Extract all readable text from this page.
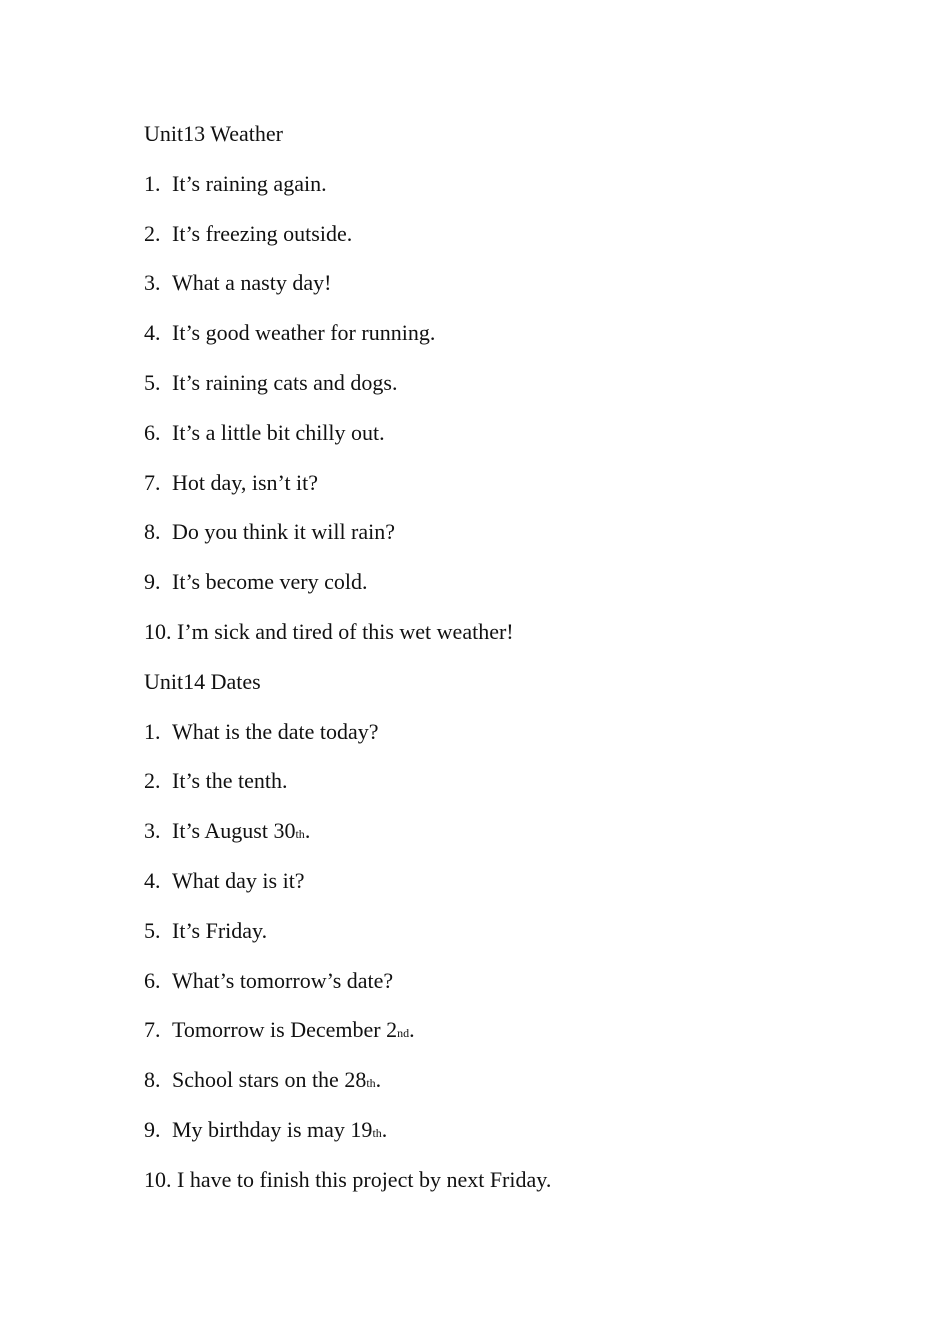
Unit13 Weather
1. It’s raining again.
2. It’s freezing outside.
3. What a nasty day!
4. It’s good weather for running.
5. It’s raining cats and dogs.
6. It’s a little bit chilly out.
7. Hot day, isn’t it?
8. Do you think it will rain?
9. It’s become very cold.
10. I’m sick and tired of this wet weather!
Unit14 Dates
1. What is the date today?
2. It’s the tenth.
3. It’s August 30th.
4. What day is it?
5. It’s Friday.
6. What’s tomorrow’s date?
7. Tomorrow is December 2nd.
8. School stars on the 28th.
9. My birthday is may 19th.
10. I have to finish this project by next Friday.
